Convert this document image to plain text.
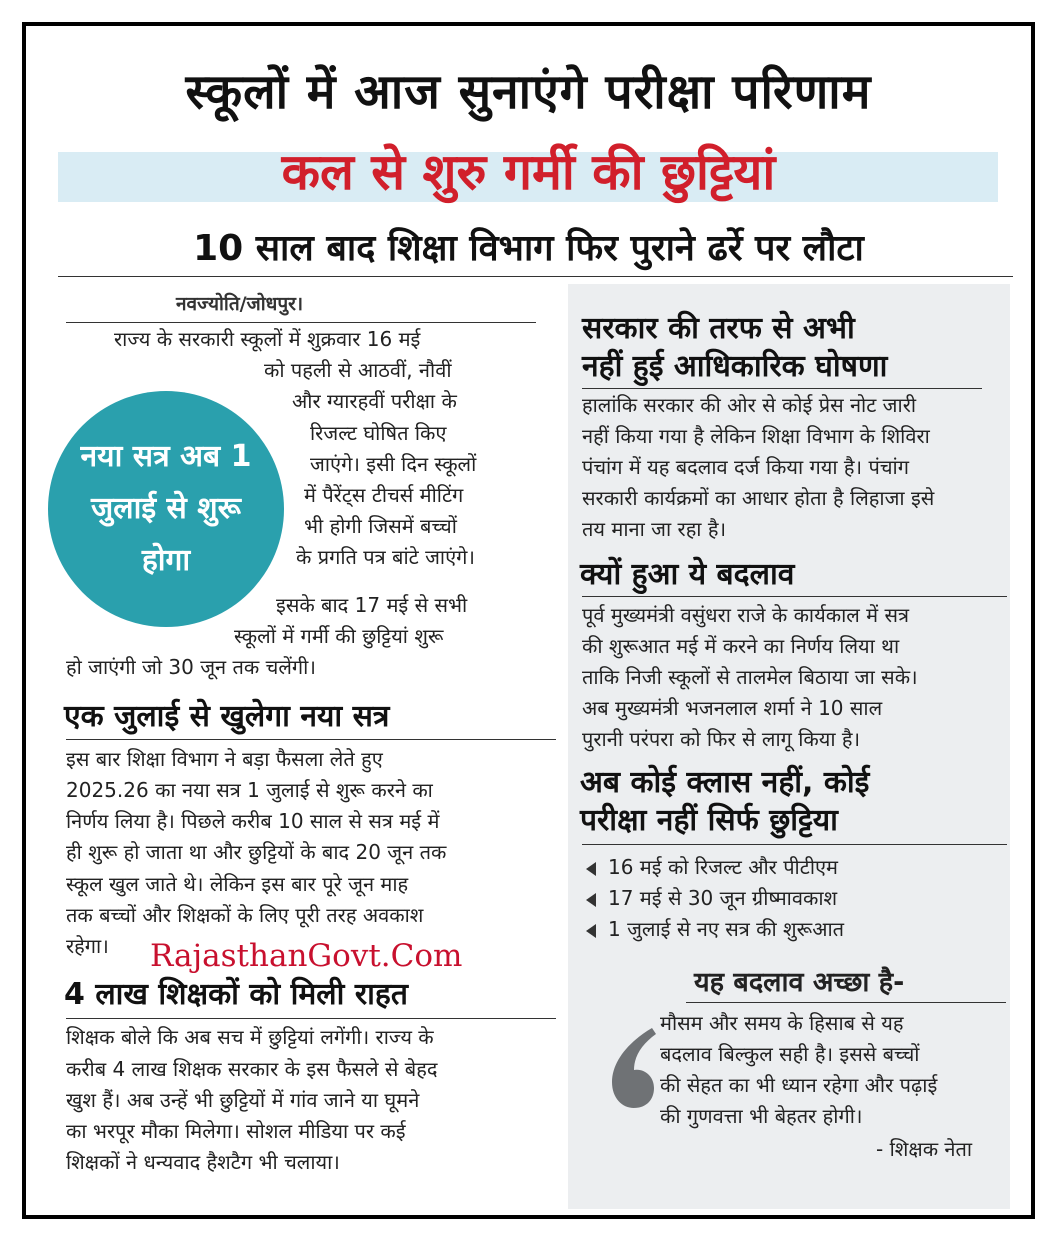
स्कूलों में आज सुनाएंगे परीक्षा परिणाम
कल से शुरु गर्मी की छुट्टियां
10 साल बाद शिक्षा विभाग फिर पुराने ढर्रे पर लौटा
नवज्योति/जोधपुर।
राज्य के सरकारी स्कूलों में शुक्रवार 16 मई
को पहली से आठवीं, नौवीं
और ग्यारहवीं परीक्षा के
रिजल्ट घोषित किए
जाएंगे। इसी दिन स्कूलों
में पैरेंट्स टीचर्स मीटिंग
भी होगी जिसमें बच्चों
के प्रगति पत्र बांटे जाएंगे।
इसके बाद 17 मई से सभी
स्कूलों में गर्मी की छुट्टियां शुरू
हो जाएंगी जो 30 जून तक चलेंगी।
नया सत्र अब 1 जुलाई से शुरू होगा
एक जुलाई से खुलेगा नया सत्र
इस बार शिक्षा विभाग ने बड़ा फैसला लेते हुए
2025.26 का नया सत्र 1 जुलाई से शुरू करने का
निर्णय लिया है। पिछले करीब 10 साल से सत्र मई में
ही शुरू हो जाता था और छुट्टियों के बाद 20 जून तक
स्कूल खुल जाते थे। लेकिन इस बार पूरे जून माह
तक बच्चों और शिक्षकों के लिए पूरी तरह अवकाश
रहेगा।	RajasthanGovt.Com
4 लाख शिक्षकों को मिली राहत
शिक्षक बोले कि अब सच में छुट्टियां लगेंगी। राज्य के
करीब 4 लाख शिक्षक सरकार के इस फैसले से बेहद
खुश हैं। अब उन्हें भी छुट्टियों में गांव जाने या घूमने
का भरपूर मौका मिलेगा। सोशल मीडिया पर कई
शिक्षकों ने धन्यवाद हैशटैग भी चलाया।
सरकार की तरफ से अभी
नहीं हुई आधिकारिक घोषणा
हालांकि सरकार की ओर से कोई प्रेस नोट जारी
नहीं किया गया है लेकिन शिक्षा विभाग के शिविरा
पंचांग में यह बदलाव दर्ज किया गया है। पंचांग
सरकारी कार्यक्रमों का आधार होता है लिहाजा इसे
तय माना जा रहा है।
क्यों हुआ ये बदलाव
पूर्व मुख्यमंत्री वसुंधरा राजे के कार्यकाल में सत्र
की शुरूआत मई में करने का निर्णय लिया था
ताकि निजी स्कूलों से तालमेल बिठाया जा सके।
अब मुख्यमंत्री भजनलाल शर्मा ने 10 साल
पुरानी परंपरा को फिर से लागू किया है।
अब कोई क्लास नहीं, कोई
परीक्षा नहीं सिर्फ छुट्टिया
16 मई को रिजल्ट और पीटीएम
17 मई से 30 जून ग्रीष्मावकाश
1 जुलाई से नए सत्र की शुरूआत
यह बदलाव अच्छा है-
मौसम और समय के हिसाब से यह
बदलाव बिल्कुल सही है। इससे बच्चों
की सेहत का भी ध्यान रहेगा और पढ़ाई
की गुणवत्ता भी बेहतर होगी।
- शिक्षक नेता
